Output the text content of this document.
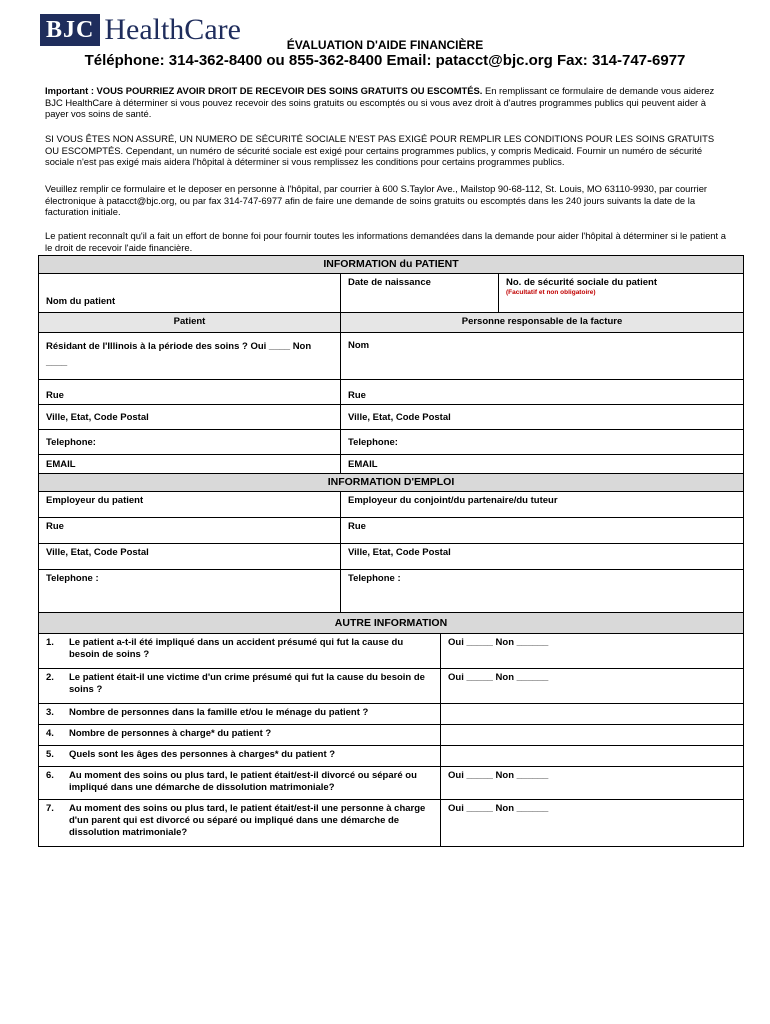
BJC HealthCare	ÉVALUATION D'AIDE FINANCIÈRE
Téléphone: 314-362-8400 ou 855-362-8400 Email: patacct@bjc.org Fax: 314-747-6977
Important : VOUS POURRIEZ AVOIR DROIT DE RECEVOIR DES SOINS GRATUITS OU ESCOMTÉS. En remplissant ce formulaire de demande vous aiderez BJC HealthCare à déterminer si vous pouvez recevoir des soins gratuits ou escomptés ou si vous avez droit à d'autres programmes publics qui peuvent aider à payer vos soins de santé.
SI VOUS ÊTES NON ASSURÉ, UN NUMERO DE SÉCURITÉ SOCIALE N'EST PAS EXIGÉ POUR REMPLIR LES CONDITIONS POUR LES SOINS GRATUITS OU ESCOMPTÉS. Cependant, un numéro de sécurité sociale est exigé pour certains programmes publics, y compris Medicaid. Fournir un numéro de sécurité sociale n'est pas exigé mais aidera l'hôpital à déterminer si vous remplissez les conditions pour certains programmes publics.
Veuillez remplir ce formulaire et le deposer en personne à l'hôpital, par courrier à 600 S.Taylor Ave., Mailstop 90-68-112, St. Louis, MO 63110-9930, par courrier électronique à patacct@bjc.org, ou par fax 314-747-6977 afin de faire une demande de soins gratuits ou escomptés dans les 240 jours suivants la date de la facturation initiale.
Le patient reconnaît qu'il a fait un effort de bonne foi pour fournir toutes les informations demandées dans la demande pour aider l'hôpital à déterminer si le patient a le droit de recevoir l'aide financière.
INFORMATION du PATIENT
Nom du patient
Date de naissance	No. de sécurité sociale du patient
(Facultatif et non obligatoire)
Patient	Personne responsable de la facture
Résidant de l'Illinois à la période des soins ? Oui ____ Non ____
Nom
Rue	Rue
Ville, Etat, Code Postal	Ville, Etat, Code Postal
Telephone:	Telephone:
EMAIL	EMAIL
INFORMATION D'EMPLOI
Employeur du patient	Employeur du conjoint/du partenaire/du tuteur
Rue	Rue
Ville, Etat, Code Postal	Ville, Etat, Code Postal
Telephone :	Telephone :
AUTRE INFORMATION
1.	Le patient a-t-il été impliqué dans un accident présumé qui fut la cause du besoin de soins ?
Oui _____ Non ______
2.	Le patient était-il une victime d'un crime présumé qui fut la cause du besoin de soins ?
Oui _____ Non ______
3.	Nombre de personnes dans la famille et/ou le ménage du patient ?
4.	Nombre de personnes à charge* du patient ?
5.	Quels sont les âges des personnes à charges* du patient ?
6.	Au moment des soins ou plus tard, le patient était/est-il divorcé ou séparé ou impliqué dans une démarche de dissolution matrimoniale?
Oui _____ Non ______
7.	Au moment des soins ou plus tard, le patient était/est-il une personne à charge d'un parent qui est divorcé ou séparé ou impliqué dans une démarche de dissolution matrimoniale?
Oui _____ Non ______
